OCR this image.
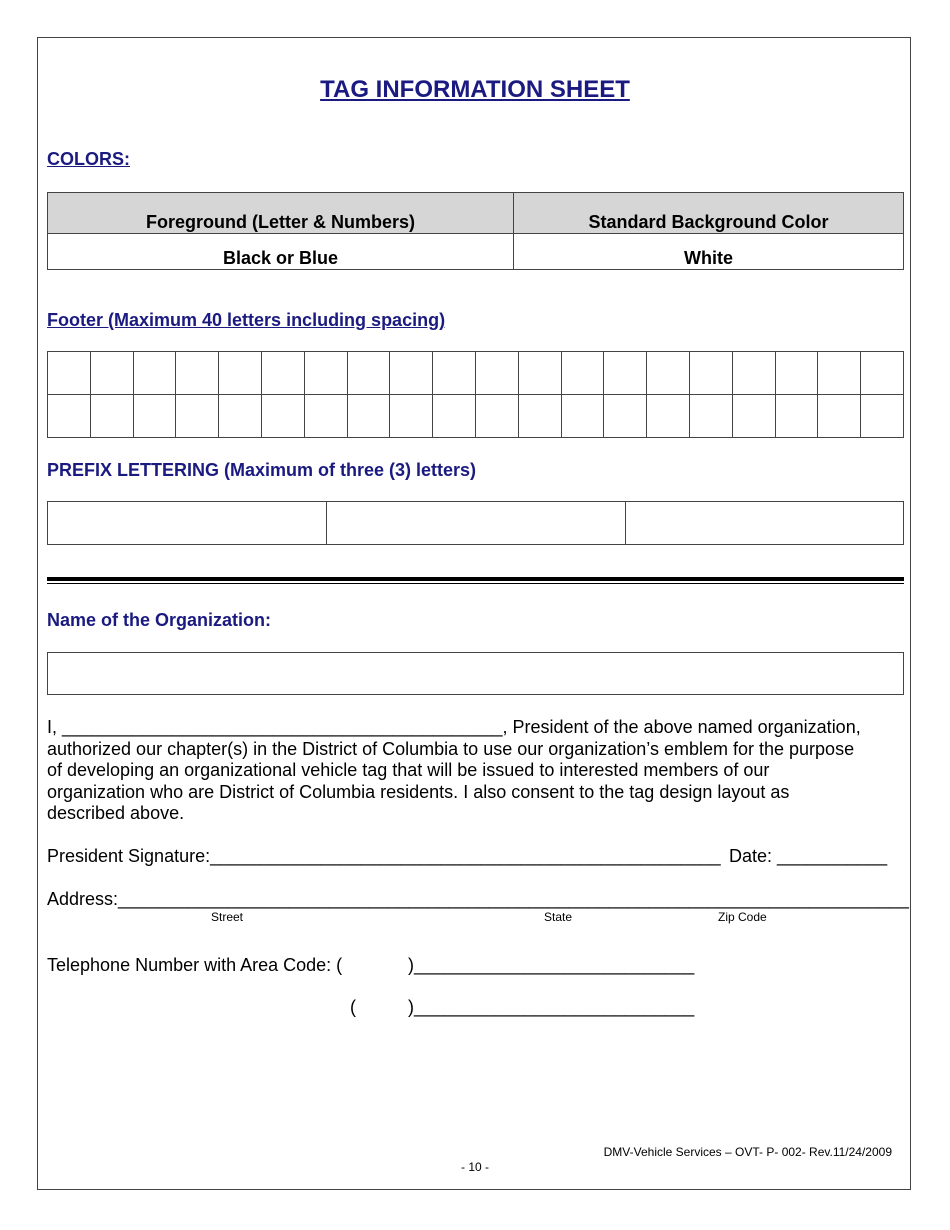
TAG INFORMATION SHEET
COLORS:
Foreground (Letter & Numbers)	Standard Background Color
Black or Blue	White
Footer (Maximum 40 letters including spacing)

PREFIX LETTERING (Maximum of three (3) letters)

Name of the Organization:
I, ____________________________________________, President of the above named organization,
authorized our chapter(s) in the District of Columbia to use our organization’s emblem for the purpose
of developing an organizational vehicle tag that will be issued to interested members of our
organization who are District of Columbia residents. I also consent to the tag design layout as
described above.
President Signature:___________________________________________________ Date: ___________
Address:_______________________________________________________________________________
Street	State	Zip Code
Telephone Number with Area Code: (	)____________________________
(	)____________________________
DMV-Vehicle Services – OVT- P- 002- Rev.11/24/2009
- 10 -
